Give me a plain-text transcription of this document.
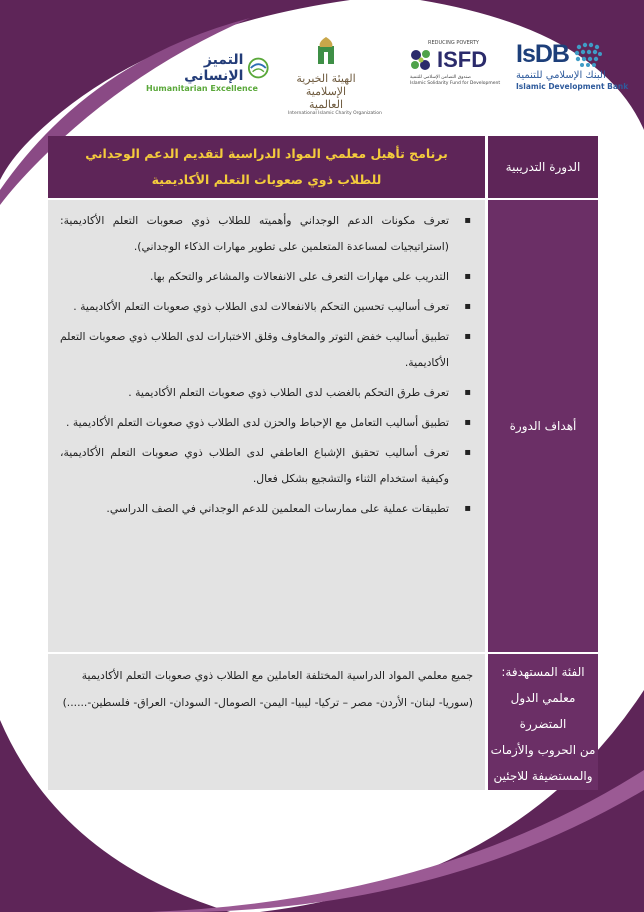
IsDB
البنك الإسلامي للتنمية
Islamic Development Bank
REDUCING POVERTY
ISFD
صندوق التضامن الإسلامي للتنمية
Islamic Solidarity Fund for Development
الهيئة الخيرية الإسلامية العالمية
International Islamic Charity Organization
التميز الإنساني
Humanitarian Excellence
الدورة التدريبية
برنامج تأهيل معلمي المواد الدراسية لتقديم الدعم الوجداني
للطلاب ذوي صعوبات التعلم الأكاديمية
أهداف الدورة
▪ تعرف مكونات الدعم الوجداني وأهميته للطلاب ذوي صعوبات التعلم الأكاديمية: (استراتيجيات لمساعدة المتعلمين على تطوير مهارات الذكاء الوجداني).
▪ التدريب على مهارات التعرف على الانفعالات والمشاعر والتحكم بها.
▪ تعرف أساليب تحسين التحكم بالانفعالات لدى الطلاب ذوي صعوبات التعلم الأكاديمية .
▪ تطبيق أساليب خفض التوتر والمخاوف وقلق الاختبارات لدى الطلاب ذوي صعوبات التعلم الأكاديمية.
▪ تعرف طرق التحكم بالغضب لدى الطلاب ذوي صعوبات التعلم الأكاديمية .
▪ تطبيق أساليب التعامل مع الإحباط والحزن لدى الطلاب ذوي صعوبات التعلم الأكاديمية .
▪ تعرف أساليب تحقيق الإشباع العاطفي لدى الطلاب ذوي صعوبات التعلم الأكاديمية، وكيفية استخدام الثناء والتشجيع بشكل فعال.
▪ تطبيقات عملية على ممارسات المعلمين للدعم الوجداني في الصف الدراسي.
الفئة المستهدفة:
معلمي الدول المتضررة
من الحروب والأزمات
والمستضيفة للاجئين
جميع معلمي المواد الدراسية المختلفة العاملين مع الطلاب ذوي صعوبات التعلم الأكاديمية
(سوريا- لبنان- الأردن- مصر – تركيا- ليبيا- اليمن- الصومال- السودان- العراق- فلسطين-......)
